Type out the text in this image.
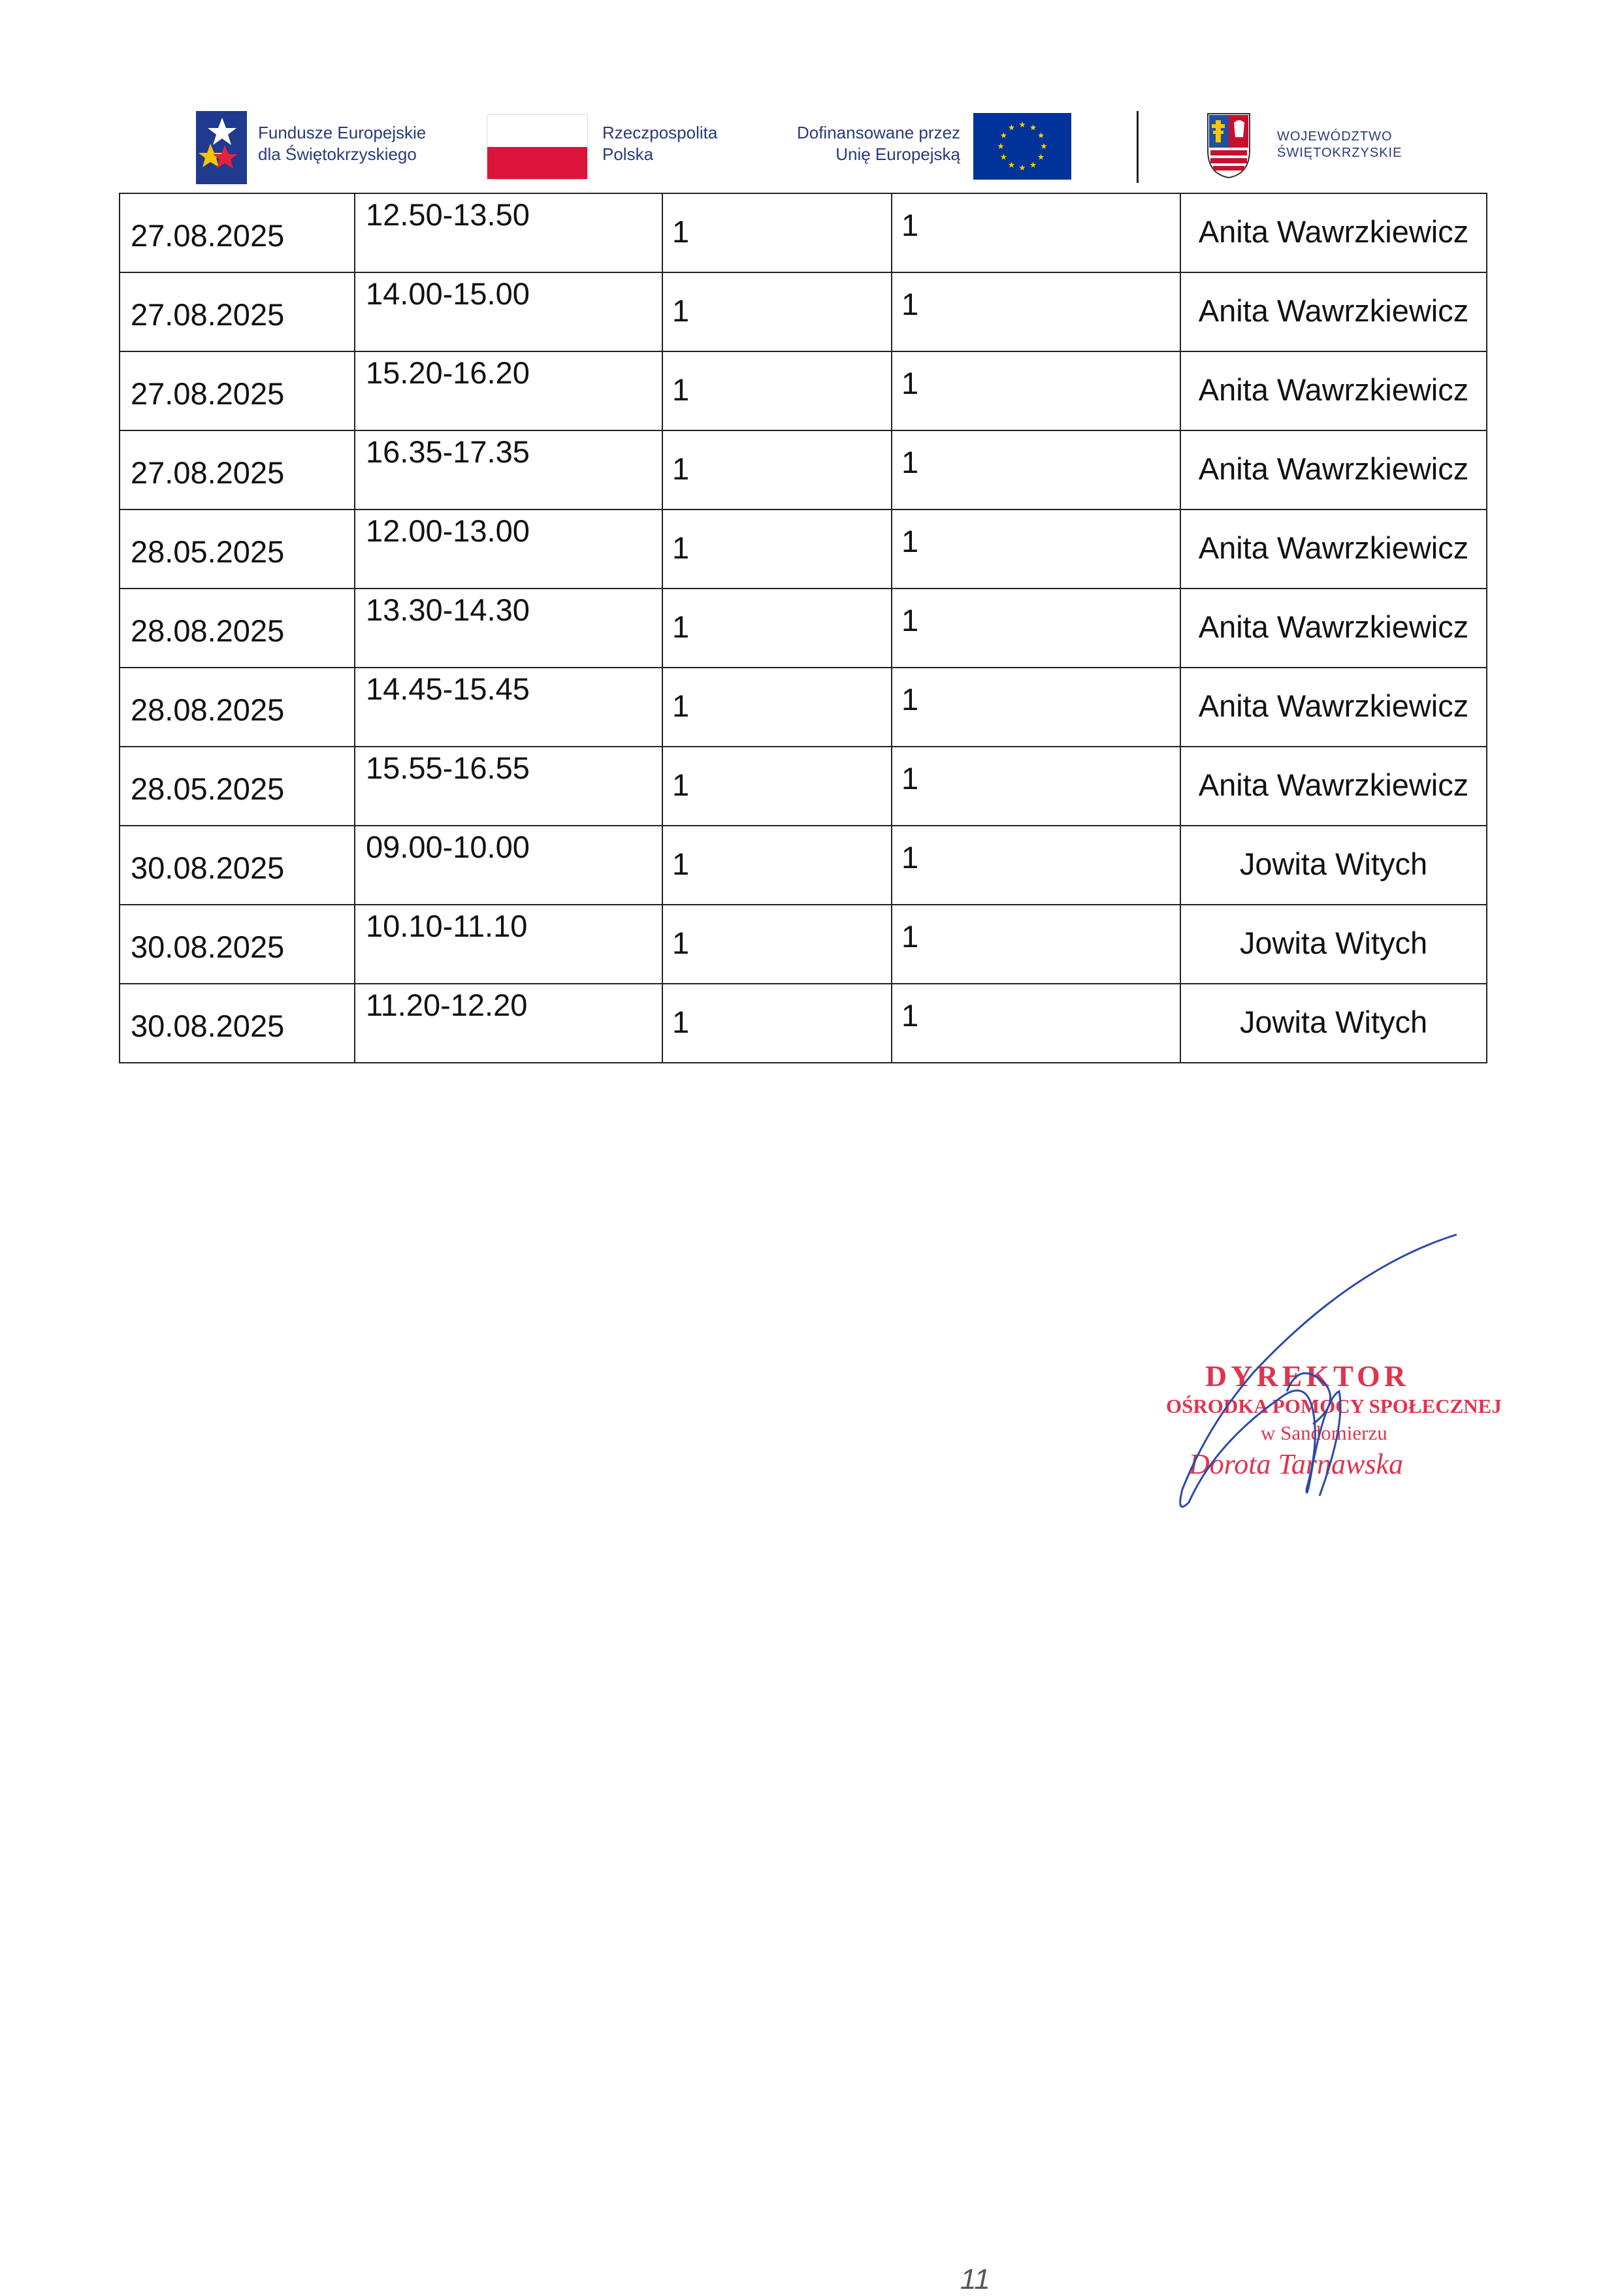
Fundusze Europejskie
dla Świętokrzyskiego
Rzeczpospolita
Polska
Dofinansowane przez
Unię Europejską
WOJEWÓDZTWO
ŚWIĘTOKRZYSKIE
27.08.2025	12.50-13.50	1	1	Anita Wawrzkiewicz

27.08.2025	14.00-15.00	1	1	Anita Wawrzkiewicz

27.08.2025	15.20-16.20	1	1	Anita Wawrzkiewicz

27.08.2025	16.35-17.35	1	1	Anita Wawrzkiewicz

28.05.2025	12.00-13.00	1	1	Anita Wawrzkiewicz

28.08.2025	13.30-14.30	1	1	Anita Wawrzkiewicz

28.08.2025	14.45-15.45	1	1	Anita Wawrzkiewicz

28.05.2025	15.55-16.55	1	1	Anita Wawrzkiewicz

30.08.2025	09.00-10.00	1	1	Jowita Witych

30.08.2025	10.10-11.10	1	1	Jowita Witych

30.08.2025	11.20-12.20	1	1	Jowita Witych
DYREKTOR
OŚRODKA POMOCY SPOŁECZNEJ
w Sandomierzu
Dorota Tarnawska
11
